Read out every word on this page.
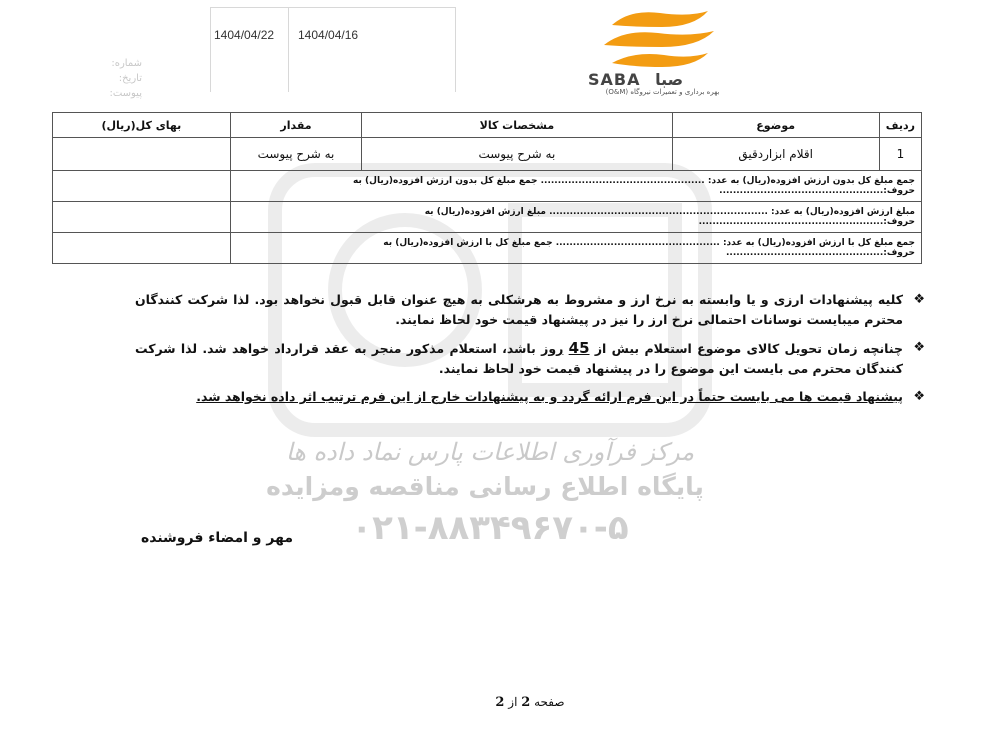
مرکز فرآوری اطلاعات پارس نماد داده ها
پایگاه اطلاع رسانی مناقصه ومزایده
۰۲۱-۸۸۳۴۹۶۷۰-۵
1404/04/22 1404/04/16
شماره:
تاریخ:
پیوست:
SABA صبا
بهره برداری و تعمیرات نیروگاه (O&M)
ردیف	موضوع	مشخصات کالا	مقدار	بهای کل(ریال)
1	اقلام ابزاردقیق	به شرح پیوست	به شرح پیوست	
جمع مبلغ کل بدون ارزش افزوده(ریال) به عدد: ................................................ جمع مبلغ کل بدون ارزش افزوده(ریال) به حروف:................................................				
مبلغ ارزش افزوده(ریال) به عدد: ................................................................ مبلغ ارزش افزوده(ریال) به حروف:......................................................				
جمع مبلغ کل با ارزش افزوده(ریال) به عدد: ................................................ جمع مبلغ کل با ارزش افزوده(ریال) به حروف:..............................................				
❖
کلیه پیشنهادات ارزی و یا وابسته به نرخ ارز و مشروط به هرشکلی به هیچ عنوان قابل قبول نخواهد بود. لذا شرکت کنندگان محترم میبایست نوسانات احتمالی نرخ ارز را نیز در پیشنهاد قیمت خود لحاظ نمایند.
❖
چنانچه زمان تحویل کالای موضوع استعلام بیش از 45 روز باشد، استعلام مذکور منجر به عقد قرارداد خواهد شد. لذا شرکت کنندگان محترم می بایست این موضوع را در پیشنهاد قیمت خود لحاظ نمایند.
❖
پیشنهاد قیمت ها می بایست حتماً در این فرم ارائه گردد و به پیشنهادات خارج از این فرم ترتیب اثر داده نخواهد شد.
مهر و امضاء فروشنده
صفحه 2 از 2
